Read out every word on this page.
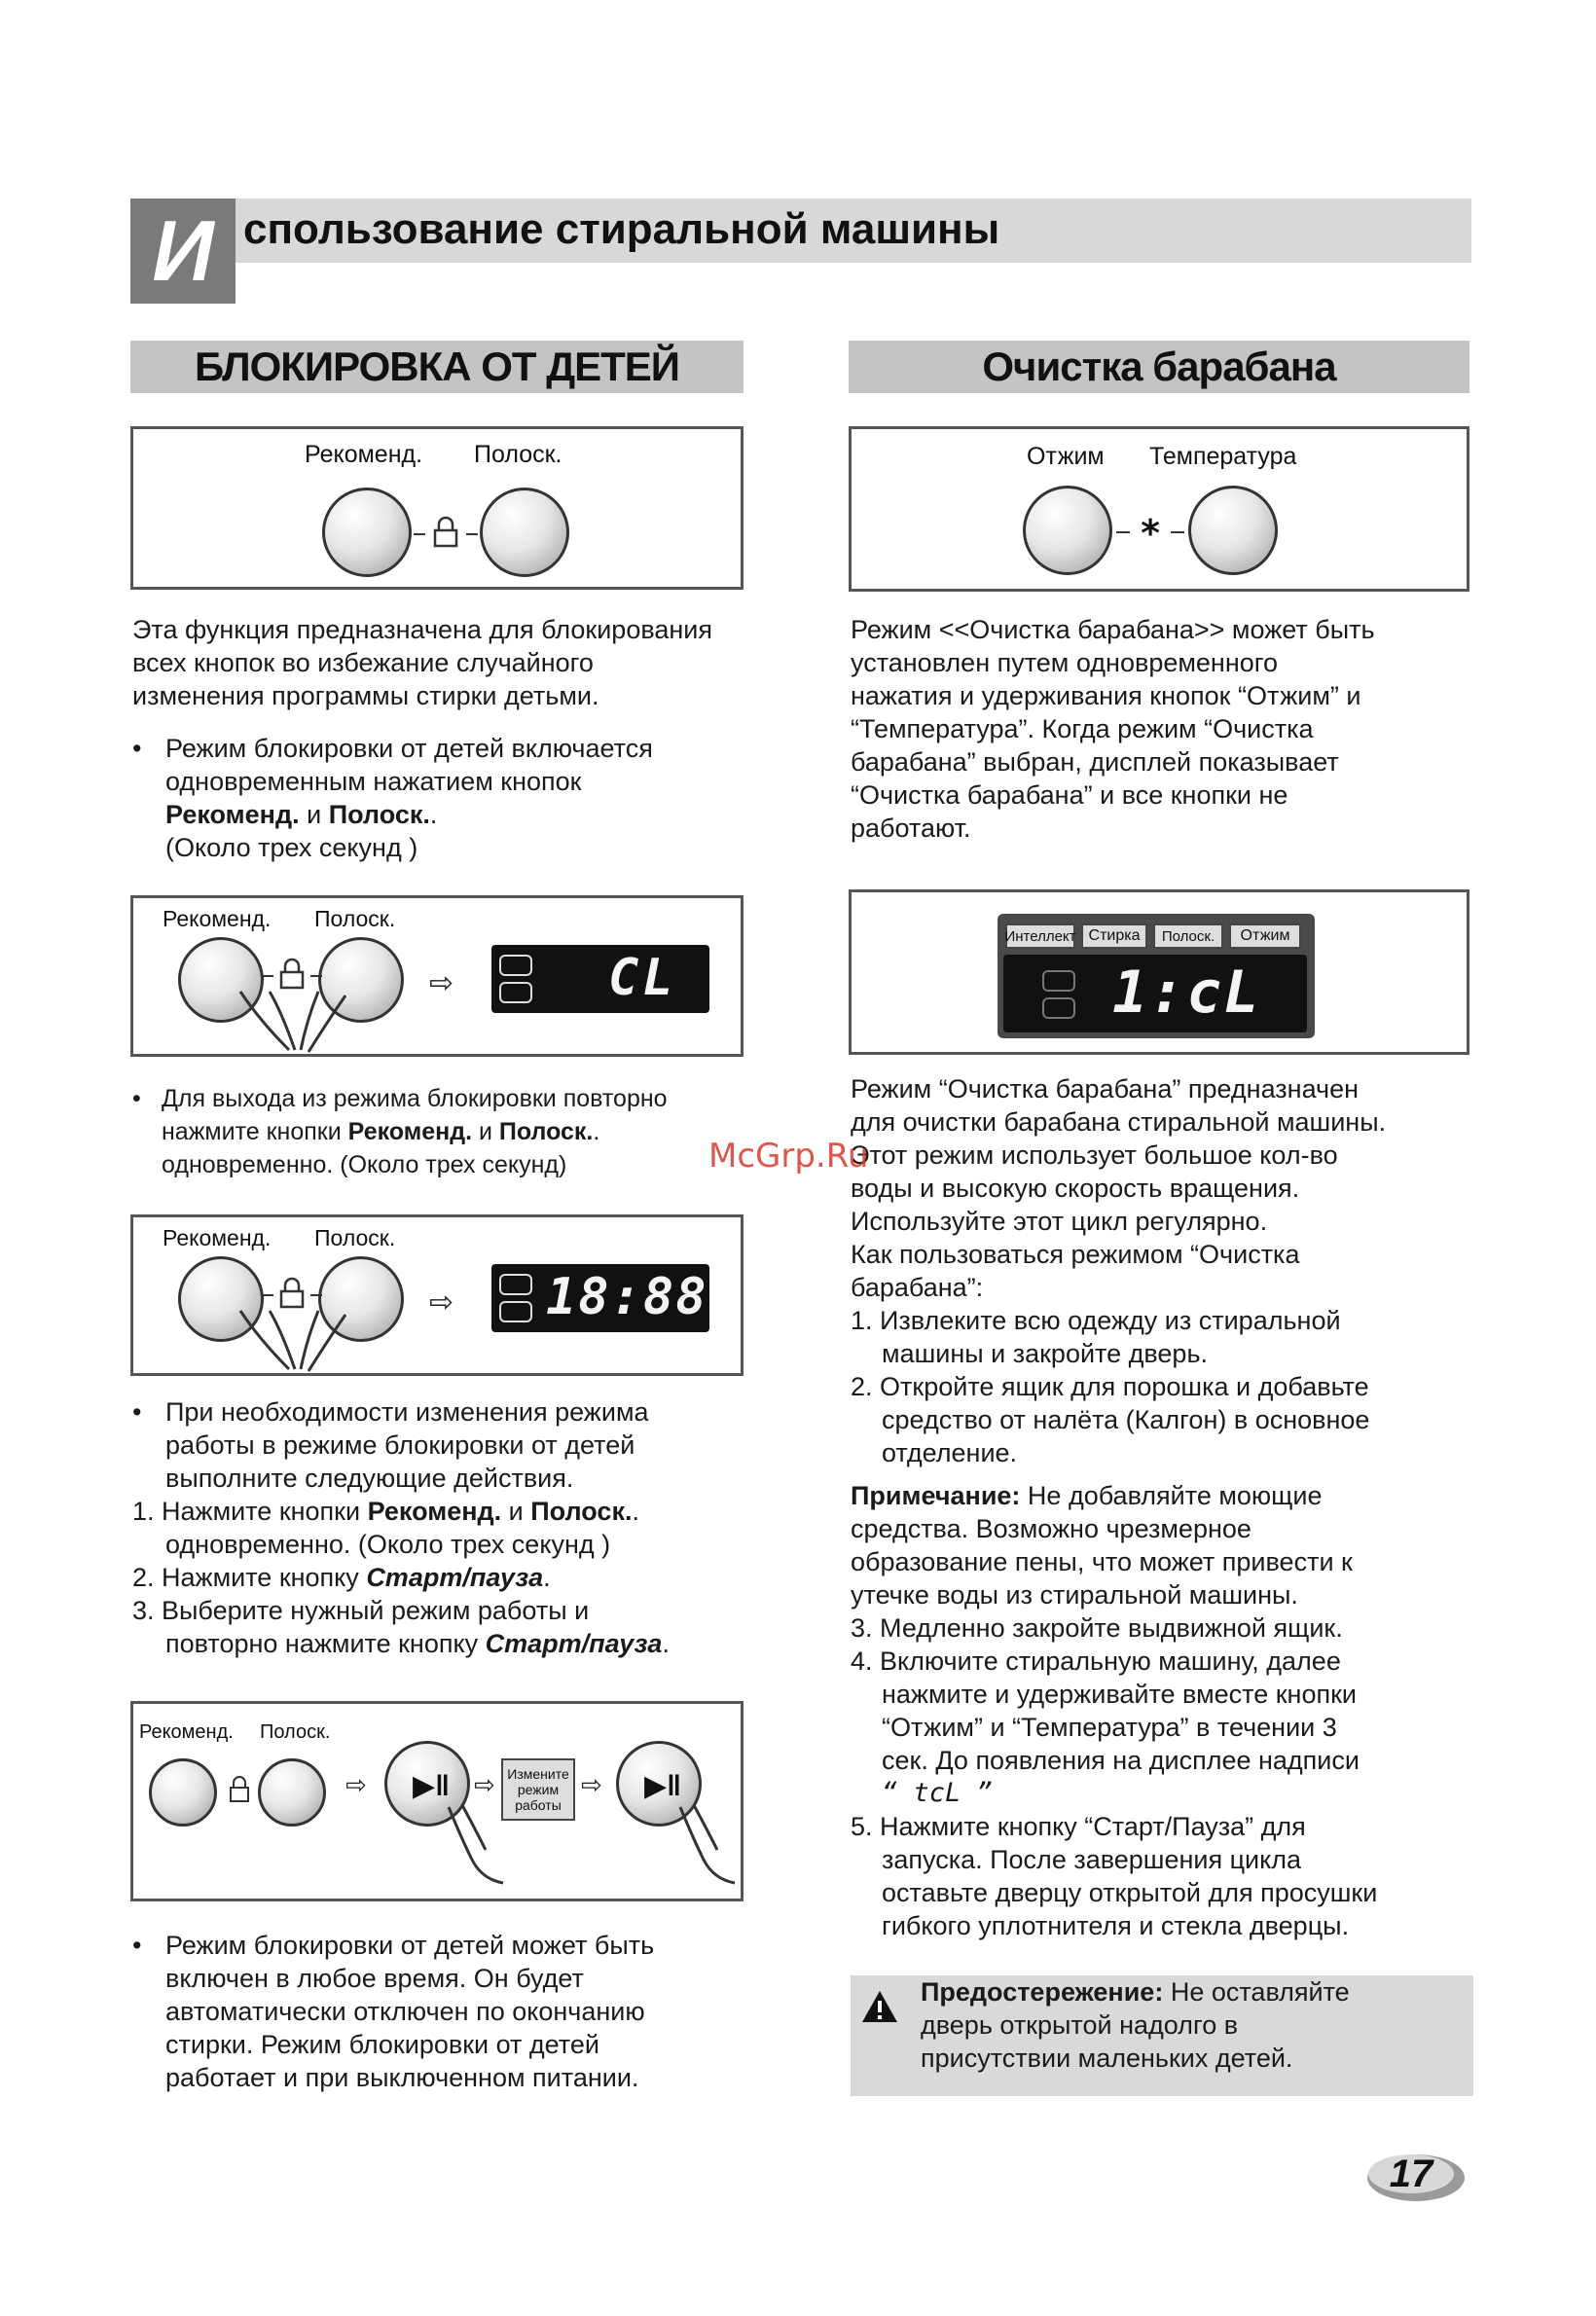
И спользование стиральной машины
БЛОКИРОВКА ОТ ДЕТЕЙ
Рекоменд. Полоск.
Эта функция предназначена для блокирования
всех кнопок во избежание случайного
изменения программы стирки детьми.
• Режим блокировки от детей включается
одновременным нажатием кнопок
Рекоменд. и Полоск..
(Около трех секунд )
Рекоменд. Полоск.
⇨	CL
• Для выхода из режима блокировки повторно
нажмите кнопки Рекоменд. и Полоск..
одновременно. (Около трех секунд)
Рекоменд. Полоск.
⇨ 18:88
• При необходимости изменения режима
работы в режиме блокировки от детей
выполните следующие действия.
1. Нажмите кнопки Рекоменд. и Полоск..
одновременно. (Около трех секунд )
2. Нажмите кнопку Старт/пауза.
3. Выберите нужный режим работы и
повторно нажмите кнопку Старт/пауза.
Рекоменд. Полоск.
⇨ ▶‖ ⇨ Измените режим работы
⇨ ▶‖
• Режим блокировки от детей может быть
включен в любое время. Он будет
автоматически отключен по окончанию
стирки. Режим блокировки от детей
работает и при выключенном питании.
Очистка барабана
Отжим Температура
*
Режим <<Очистка барабана>> может быть
установлен путем одновременного
нажатия и удерживания кнопок “Отжим” и
“Температура”. Когда режим “Очистка
барабана” выбран, дисплей показывает
“Очистка барабана” и все кнопки не
работают.
Интеллект Стирка	Полоск.	Отжим
1:cL
Режим “Очистка барабана” предназначен
для очистки барабана стиральной машины.
Этот режим использует большое кол-во
воды и высокую скорость вращения.
Используйте этот цикл регулярно.
Как пользоваться режимом “Очистка
барабана”:
1. Извлеките всю одежду из стиральной
машины и закройте дверь.
2. Откройте ящик для порошка и добавьте
средство от налёта (Калгон) в основное
отделение.
Примечание: Не добавляйте моющие
средства. Возможно чрезмерное
образование пены, что может привести к
утечке воды из стиральной машины.
3. Медленно закройте выдвижной ящик.
4. Включите стиральную машину, далее
нажмите и удерживайте вместе кнопки
“Отжим” и “Температура” в течении 3
сек. До появления на дисплее надписи
“ tcL ”
5. Нажмите кнопку “Старт/Пауза” для
запуска. После завершения цикла
оставьте дверцу открытой для просушки
гибкого уплотнителя и стекла дверцы.
Предостережение: Не оставляйте
дверь открытой надолго в
присутствии маленьких детей.
McGrp.Ru
17
